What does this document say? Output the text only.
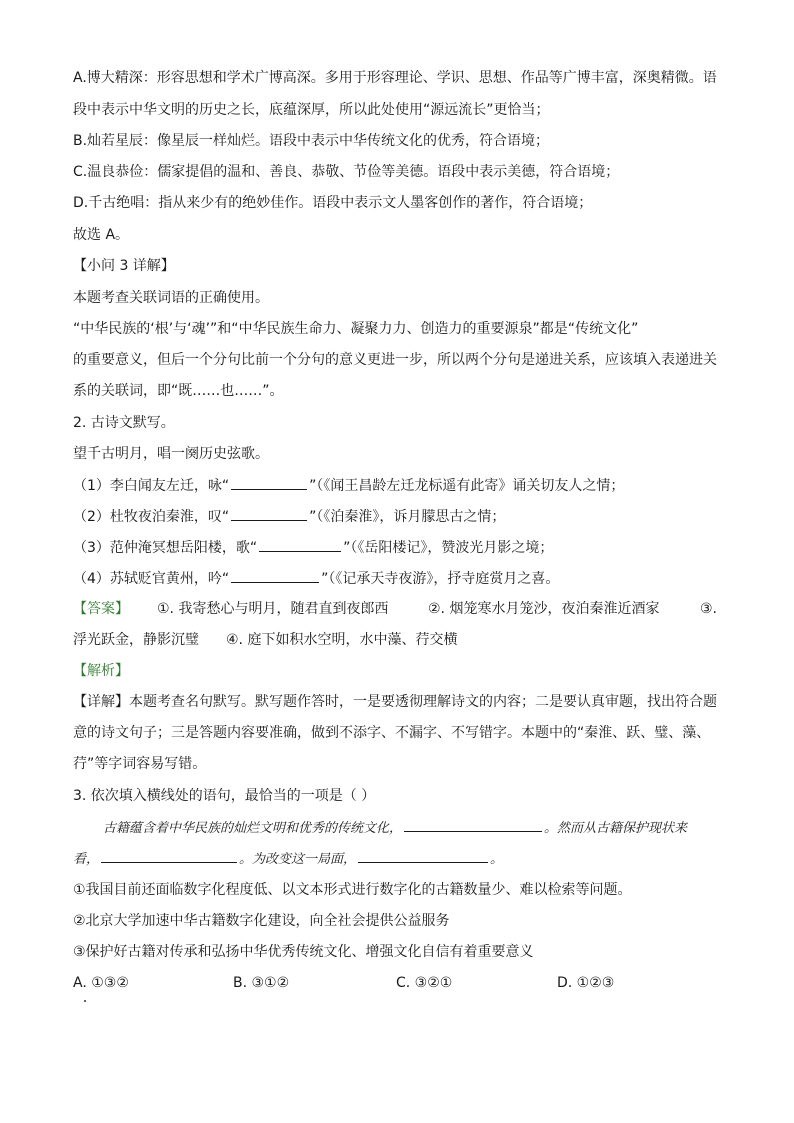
A.博大精深：形容思想和学术广博高深。多用于形容理论、学识、思想、作品等广博丰富，深奥精微。语
段中表示中华文明的历史之长，底蕴深厚，所以此处使用“源远流长”更恰当；
B.灿若星辰：像星辰一样灿烂。语段中表示中华传统文化的优秀，符合语境；
C.温良恭俭：儒家提倡的温和、善良、恭敬、节俭等美德。语段中表示美德，符合语境；
D.千古绝唱：指从来少有的绝妙佳作。语段中表示文人墨客创作的著作，符合语境；
故选 A。
【小问 3 详解】
本题考查关联词语的正确使用。
“中华民族的‘根’与‘魂’”和“中华民族生命力、凝聚力力、创造力的重要源泉”都是“传统文化”
的重要意义，但后一个分句比前一个分句的意义更进一步，所以两个分句是递进关系，应该填入表递进关
系的关联词，即“既……也……”。
2. 古诗文默写。
望千古明月，唱一阕历史弦歌。
（1）李白闻友左迁，咏“	”（《闻王昌龄左迁龙标遥有此寄》诵关切友人之情；
（2）杜牧夜泊秦淮，叹“	”（《泊秦淮》，诉月朦思古之情；
（3）范仲淹冥想岳阳楼，歌“	”（《岳阳楼记》，赞波光月影之境；
（4）苏轼贬官黄州，吟“	”（《记承天寺夜游》，抒寺庭赏月之喜。
【答案】 ①. 我寄愁心与明月，随君直到夜郎西	②. 烟笼寒水月笼沙，夜泊秦淮近酒家	③.
浮光跃金，静影沉璧 ④. 庭下如积水空明，水中藻、荇交横
【解析】
【详解】本题考查名句默写。默写题作答时，一是要透彻理解诗文的内容；二是要认真审题，找出符合题
意的诗文句子；三是答题内容要准确，做到不添字、不漏字、不写错字。本题中的“秦淮、跃、璧、藻、
荇”等字词容易写错。
3. 依次填入横线处的语句，最恰当的一项是（ ）
古籍蕴含着中华民族的灿烂文明和优秀的传统文化，	。然而从古籍保护现状来
看，	。为改变这一局面，	。
①我国目前还面临数字化程度低、以文本形式进行数字化的古籍数量少、难以检索等问题。
②北京大学加速中华古籍数字化建设，向全社会提供公益服务
③保护好古籍对传承和弘扬中华优秀传统文化、增强文化自信有着重要意义
A. ①③②	B. ③①②	C. ③②①	D. ①②③
